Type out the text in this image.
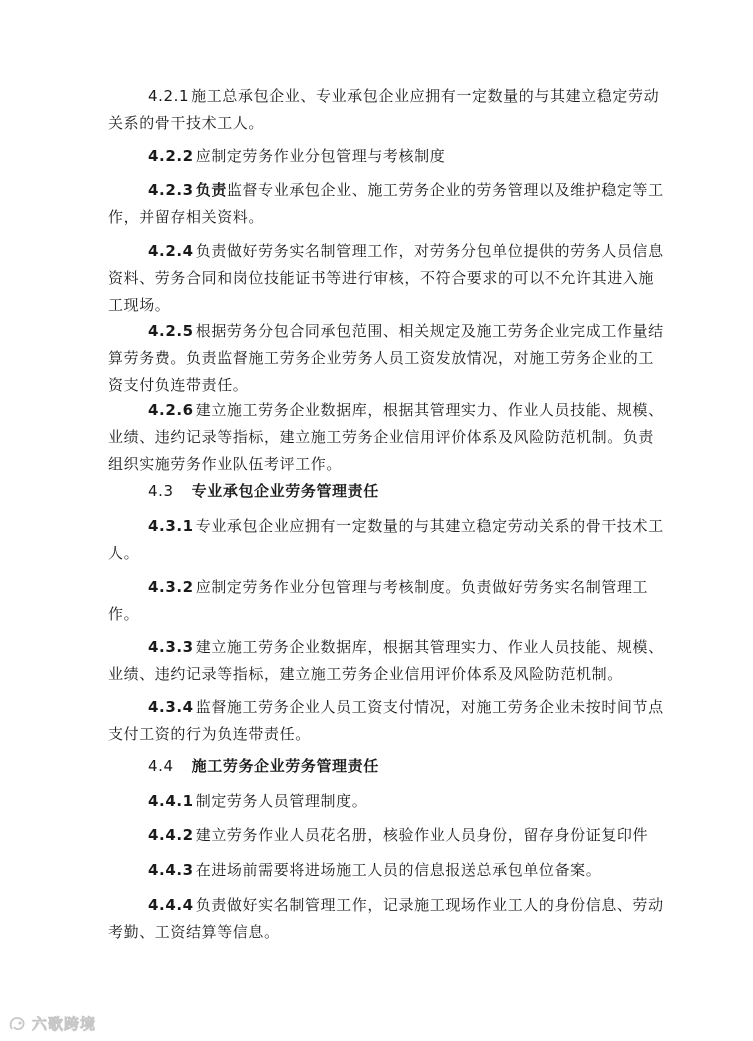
4.2.1 施工总承包企业、专业承包企业应拥有一定数量的与其建立稳定劳动关系的骨干技术工人。

4.2.2 应制定劳务作业分包管理与考核制度

4.2.3 负责监督专业承包企业、施工劳务企业的劳务管理以及维护稳定等工作，并留存相关资料。

4.2.4 负责做好劳务实名制管理工作，对劳务分包单位提供的劳务人员信息资料、劳务合同和岗位技能证书等进行审核，不符合要求的可以不允许其进入施工现场。

4.2.5 根据劳务分包合同承包范围、相关规定及施工劳务企业完成工作量结算劳务费。负责监督施工劳务企业劳务人员工资发放情况，对施工劳务企业的工资支付负连带责任。

4.2.6 建立施工劳务企业数据库，根据其管理实力、作业人员技能、规模、业绩、违约记录等指标，建立施工劳务企业信用评价体系及风险防范机制。负责组织实施劳务作业队伍考评工作。

4.3 专业承包企业劳务管理责任

4.3.1 专业承包企业应拥有一定数量的与其建立稳定劳动关系的骨干技术工人。

4.3.2 应制定劳务作业分包管理与考核制度。负责做好劳务实名制管理工作。

4.3.3 建立施工劳务企业数据库，根据其管理实力、作业人员技能、规模、业绩、违约记录等指标，建立施工劳务企业信用评价体系及风险防范机制。

4.3.4 监督施工劳务企业人员工资支付情况，对施工劳务企业未按时间节点支付工资的行为负连带责任。

4.4 施工劳务企业劳务管理责任

4.4.1 制定劳务人员管理制度。

4.4.2 建立劳务作业人员花名册，核验作业人员身份，留存身份证复印件

4.4.3 在进场前需要将进场施工人员的信息报送总承包单位备案。

4.4.4 负责做好实名制管理工作，记录施工现场作业工人的身份信息、劳动考勤、工资结算等信息。

六歌跨境
